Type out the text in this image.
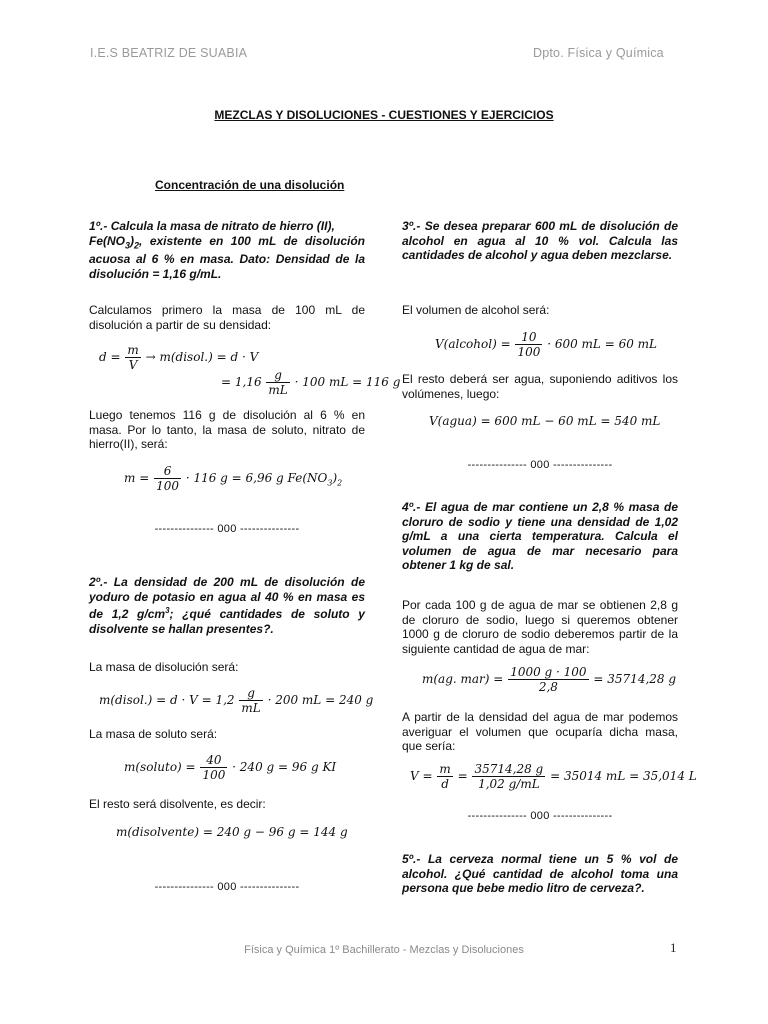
I.E.S BEATRIZ DE SUABIA	Dpto. Física y Química
MEZCLAS Y DISOLUCIONES - CUESTIONES Y EJERCICIOS
Concentración de una disolución
1º.- Calcula la masa de nitrato de hierro (II),
$Fe(NO_3)_2$, existente en 100 mL de disolución acuosa al 6 % en masa. Dato: Densidad de la disolución = 1,16 g/mL.

Calculamos primero la masa de 100 mL de disolución a partir de su densidad:

$d = \frac{m}{V}$ → m(disol.) = d · V
= $1,16 \frac{g}{mL} \cdot 100$ mL = 116 g

Luego tenemos 116 g de disolución al 6 % en masa. Por lo tanto, la masa de soluto, nitrato de hierro(II), será:

$m = \frac{6}{100} \cdot 116$ g = 6,96 g $Fe(NO_3)_2$
--------------- 000 ---------------
2º.- La densidad de 200 mL de disolución de yoduro de potasio en agua al 40 % en masa es de 1,2 $g/cm^3$; ¿qué cantidades de soluto y disolvente se hallan presentes?.

La masa de disolución será:

m(disol.) = $d \cdot V = 1,2 \frac{g}{mL} \cdot 200$ mL = 240 g

La masa de soluto será:

m(soluto) = $\frac{40}{100} \cdot 240$ g = 96 g KI

El resto será disolvente, es decir:

m(disolvente) = 240 g − 96 g = 144 g
--------------- 000 ---------------
3º.- Se desea preparar 600 mL de disolución de alcohol en agua al 10 % vol. Calcula las cantidades de alcohol y agua deben mezclarse.

El volumen de alcohol será:

V(alcohol) = $\frac{10}{100} \cdot 600$ mL = 60 mL

El resto deberá ser agua, suponiendo aditivos los volúmenes, luego:

V(agua) = 600 mL − 60 mL = 540 mL
--------------- 000 ---------------
4º.- El agua de mar contiene un 2,8 % masa de cloruro de sodio y tiene una densidad de 1,02 g/mL a una cierta temperatura. Calcula el volumen de agua de mar necesario para obtener 1 kg de sal.

Por cada 100 g de agua de mar se obtienen 2,8 g de cloruro de sodio, luego si queremos obtener 1000 g de cloruro de sodio deberemos partir de la siguiente cantidad de agua de mar:

m(ag. $mar) = \frac{1000 g \cdot 100}{2,8} = 35714,28$ g

A partir de la densidad del agua de mar podemos averiguar el volumen que ocuparía dicha masa, que sería:

$V = \frac{m}{d} = \frac{35714,28 g}{1,02 g/mL} = 35014$ mL = 35,014 L
--------------- 000 ---------------
5º.- La cerveza normal tiene un 5 % vol de alcohol. ¿Qué cantidad de alcohol toma una persona que bebe medio litro de cerveza?.
Física y Química 1º Bachillerato - Mezclas y Disoluciones	1
